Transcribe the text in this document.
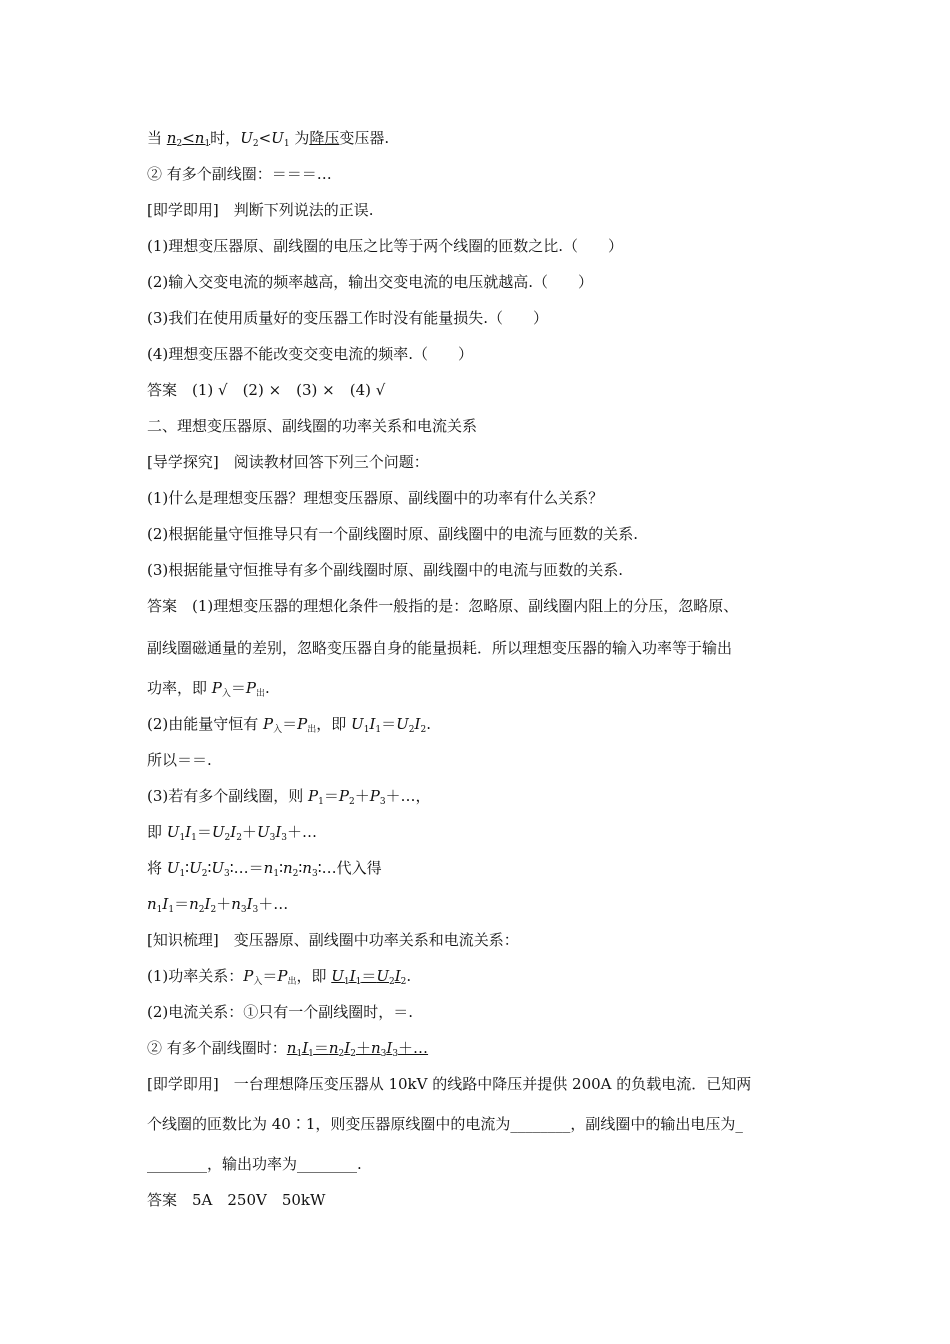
当 $n_2<n_1$时，$U_2<U_1$ 为降压变压器.
② 有多个副线圈：＝＝＝…
[即学即用]　判断下列说法的正误.
(1)理想变压器原、副线圈的电压之比等于两个线圈的匝数之比.（　　）
(2)输入交变电流的频率越高，输出交变电流的电压就越高.（　　）
(3)我们在使用质量好的变压器工作时没有能量损失.（　　）
(4)理想变压器不能改变交变电流的频率.（　　）
答案　(1) √　(2) ×　(3) ×　(4) √
二、理想变压器原、副线圈的功率关系和电流关系
[导学探究]　阅读教材回答下列三个问题：
(1)什么是理想变压器？理想变压器原、副线圈中的功率有什么关系？
(2)根据能量守恒推导只有一个副线圈时原、副线圈中的电流与匝数的关系.
(3)根据能量守恒推导有多个副线圈时原、副线圈中的电流与匝数的关系.
答案　(1)理想变压器的理想化条件一般指的是：忽略原、副线圈内阻上的分压，忽略原、
副线圈磁通量的差别，忽略变压器自身的能量损耗．所以理想变压器的输入功率等于输出
功率，即 $P_入=P_出$.
(2)由能量守恒有 $P_入=P_出$，即 $U_1I_1=U_2I_2$.
所以＝＝.
(3)若有多个副线圈，则 $P_1=P_2+P_3+\dots$，
即 $U_1I_1=U_2I_2+U_3I_3+\dots$
将 $U_1∶U_2∶U_3∶\dots=n_1∶n_2∶n_3∶\dots$代入得
$n_1I_1=n_2I_2+n_3I_3+\dots$
[知识梳理]　变压器原、副线圈中功率关系和电流关系：
(1)功率关系：$P_入=P_出$，即 $U_1I_1=U_2I_2$.
(2)电流关系：①只有一个副线圈时，＝.
② 有多个副线圈时：$n_1I_1=n_2I_2+n_3I_3+\dots$
[即学即用]　一台理想降压变压器从 10kV 的线路中降压并提供 200A 的负载电流．已知两
个线圈的匝数比为 40∶1，则变压器原线圈中的电流为________，副线圈中的输出电压为_
________，输出功率为________.
答案　5A　250V　50kW
